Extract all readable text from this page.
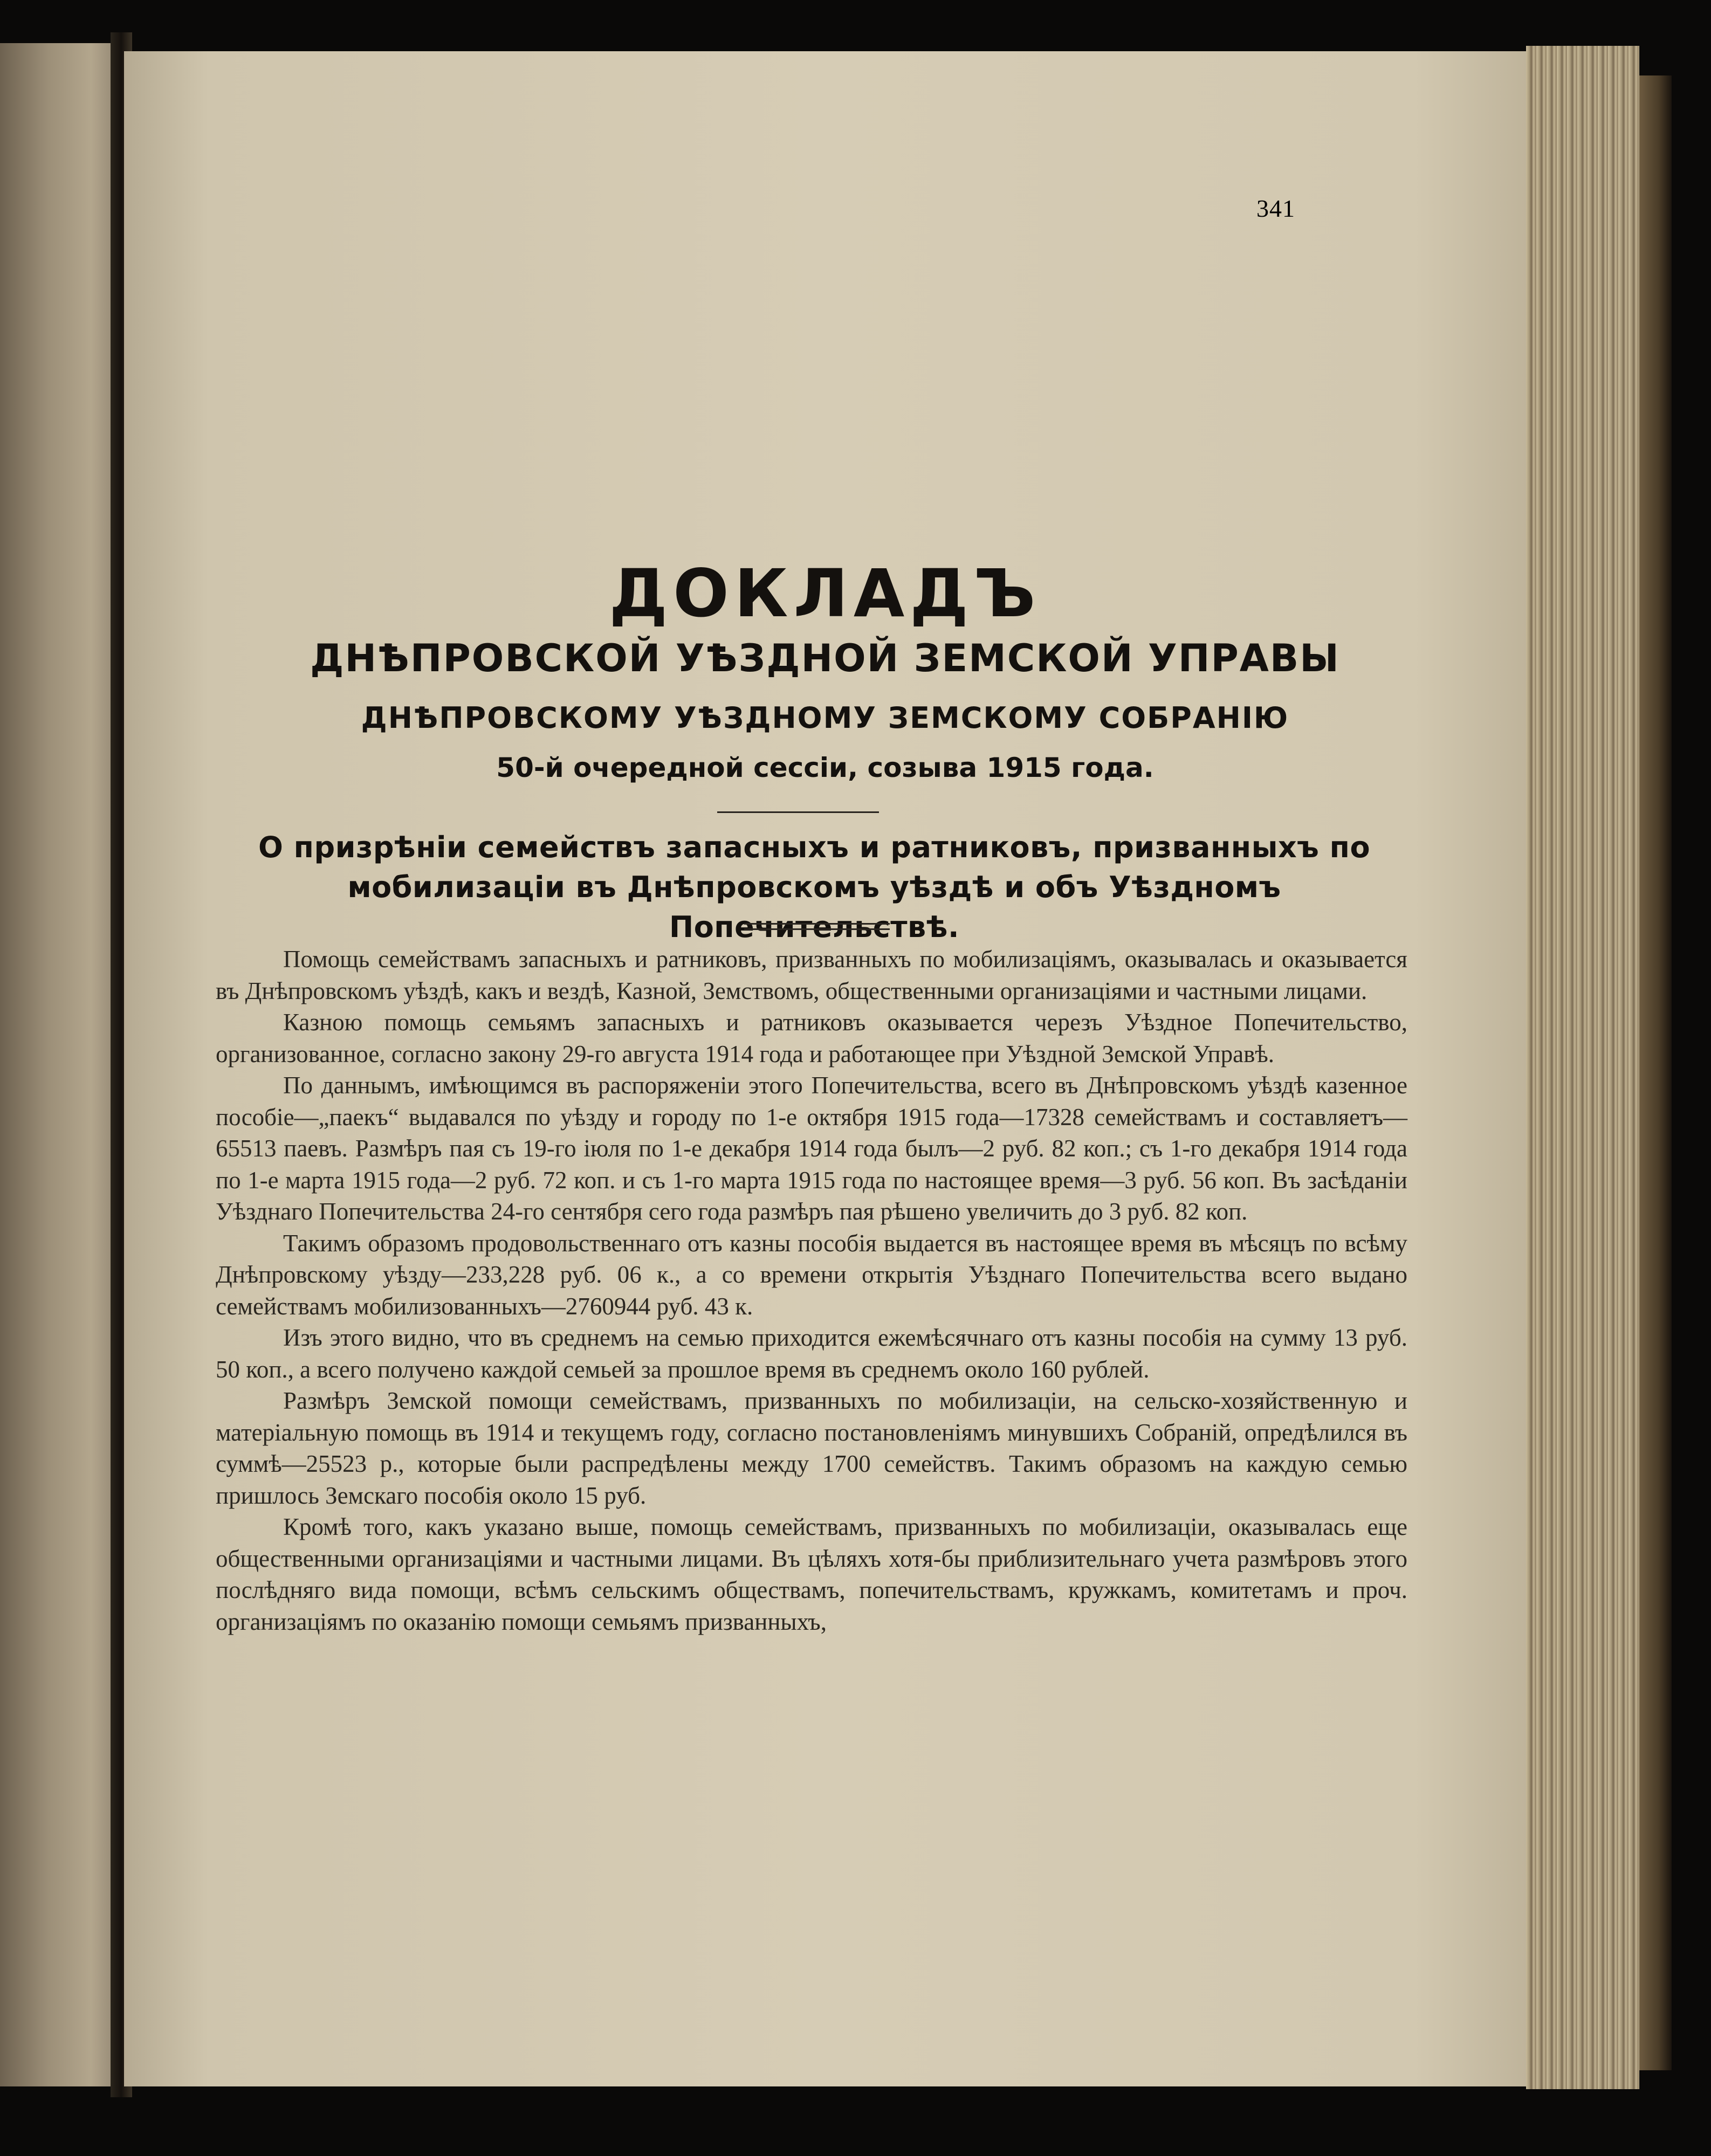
341
ДОКЛАДЪ
ДНѢПРОВСКОЙ УѢЗДНОЙ ЗЕМСКОЙ УПРАВЫ
ДНѢПРОВСКОМУ УѢЗДНОМУ ЗЕМСКОМУ СОБРАНІЮ
50-й очередной сессіи, созыва 1915 года.
О призрѣніи семействъ запасныхъ и ратниковъ, призванныхъ по мобилизаціи въ Днѣпровскомъ уѣздѣ и объ Уѣздномъ Попечительствѣ.

Помощь семействамъ запасныхъ и ратниковъ, призванныхъ по мобилизаціямъ, оказывалась и оказывается въ Днѣпровскомъ уѣздѣ, какъ и вездѣ, Казной, Земствомъ, общественными организаціями и частными лицами.

Казною помощь семьямъ запасныхъ и ратниковъ оказывается черезъ Уѣздное Попечительство, организованное, согласно закону 29-го августа 1914 года и работающее при Уѣздной Земской Управѣ.

По даннымъ, имѣющимся въ распоряженіи этого Попечительства, всего въ Днѣпровскомъ уѣздѣ казенное пособіе—„паекъ“ выдавался по уѣзду и городу по 1-е октября 1915 года—17328 семействамъ и составляетъ—65513 паевъ. Размѣръ пая съ 19-го іюля по 1-е декабря 1914 года былъ—2 руб. 82 коп.; съ 1-го декабря 1914 года по 1-е марта 1915 года—2 руб. 72 коп. и съ 1-го марта 1915 года по настоящее время—3 руб. 56 коп. Въ засѣданіи Уѣзднаго Попечительства 24-го сентября сего года размѣръ пая рѣшено увеличить до 3 руб. 82 коп.

Такимъ образомъ продовольственнаго отъ казны пособія выдается въ настоящее время въ мѣсяцъ по всѣму Днѣпровскому уѣзду—233,228 руб. 06 к., а со времени открытія Уѣзднаго Попечительства всего выдано семействамъ мобилизованныхъ—2760944 руб. 43 к.

Изъ этого видно, что въ среднемъ на семью приходится ежемѣсячнаго отъ казны пособія на сумму 13 руб. 50 коп., а всего получено каждой семьей за прошлое время въ среднемъ около 160 рублей.

Размѣръ Земской помощи семействамъ, призванныхъ по мобилизаціи, на сельско-хозяйственную и матеріальную помощь въ 1914 и текущемъ году, согласно постановленіямъ минувшихъ Собраній, опредѣлился въ суммѣ—25523 р., которые были распредѣлены между 1700 семействъ. Такимъ образомъ на каждую семью пришлось Земскаго пособія около 15 руб.

Кромѣ того, какъ указано выше, помощь семействамъ, призванныхъ по мобилизаціи, оказывалась еще общественными организаціями и частными лицами. Въ цѣляхъ хотя-бы приблизительнаго учета размѣровъ этого послѣдняго вида помощи, всѣмъ сельскимъ обществамъ, попечительствамъ, кружкамъ, комитетамъ и проч. организаціямъ по оказанію помощи семьямъ призванныхъ,
